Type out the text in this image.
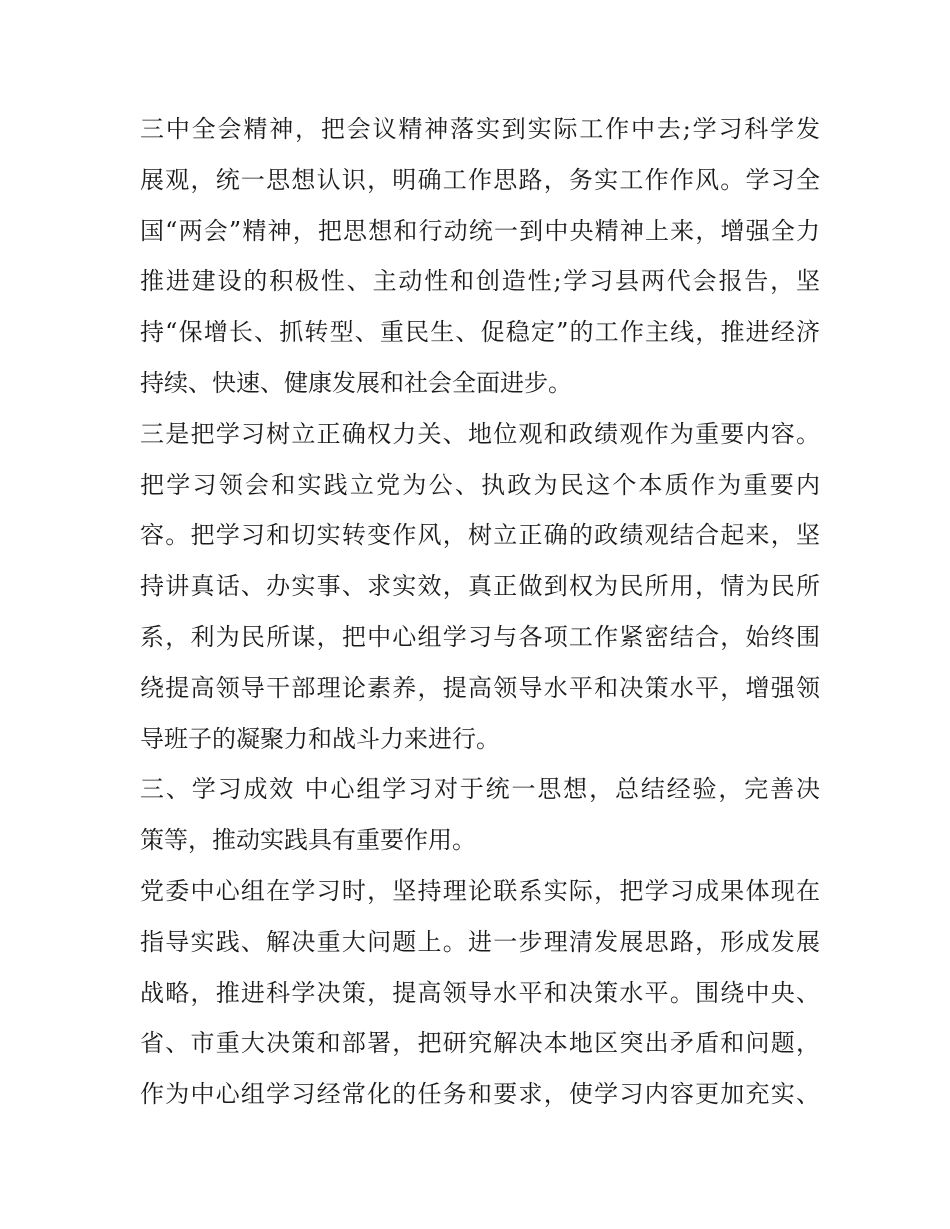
三中全会精神，把会议精神落实到实际工作中去;学习科学发
展观，统一思想认识，明确工作思路，务实工作作风。学习全
国“两会”精神，把思想和行动统一到中央精神上来，增强全力
推进建设的积极性、主动性和创造性;学习县两代会报告，坚
持“保增长、抓转型、重民生、促稳定”的工作主线，推进经济
持续、快速、健康发展和社会全面进步。
三是把学习树立正确权力关、地位观和政绩观作为重要内容。
把学习领会和实践立党为公、执政为民这个本质作为重要内
容。把学习和切实转变作风，树立正确的政绩观结合起来，坚
持讲真话、办实事、求实效，真正做到权为民所用，情为民所
系，利为民所谋，把中心组学习与各项工作紧密结合，始终围
绕提高领导干部理论素养，提高领导水平和决策水平，增强领
导班子的凝聚力和战斗力来进行。
三、学习成效 中心组学习对于统一思想，总结经验，完善决
策等，推动实践具有重要作用。
党委中心组在学习时，坚持理论联系实际，把学习成果体现在
指导实践、解决重大问题上。进一步理清发展思路，形成发展
战略，推进科学决策，提高领导水平和决策水平。围绕中央、
省、市重大决策和部署，把研究解决本地区突出矛盾和问题，
作为中心组学习经常化的任务和要求，使学习内容更加充实、
